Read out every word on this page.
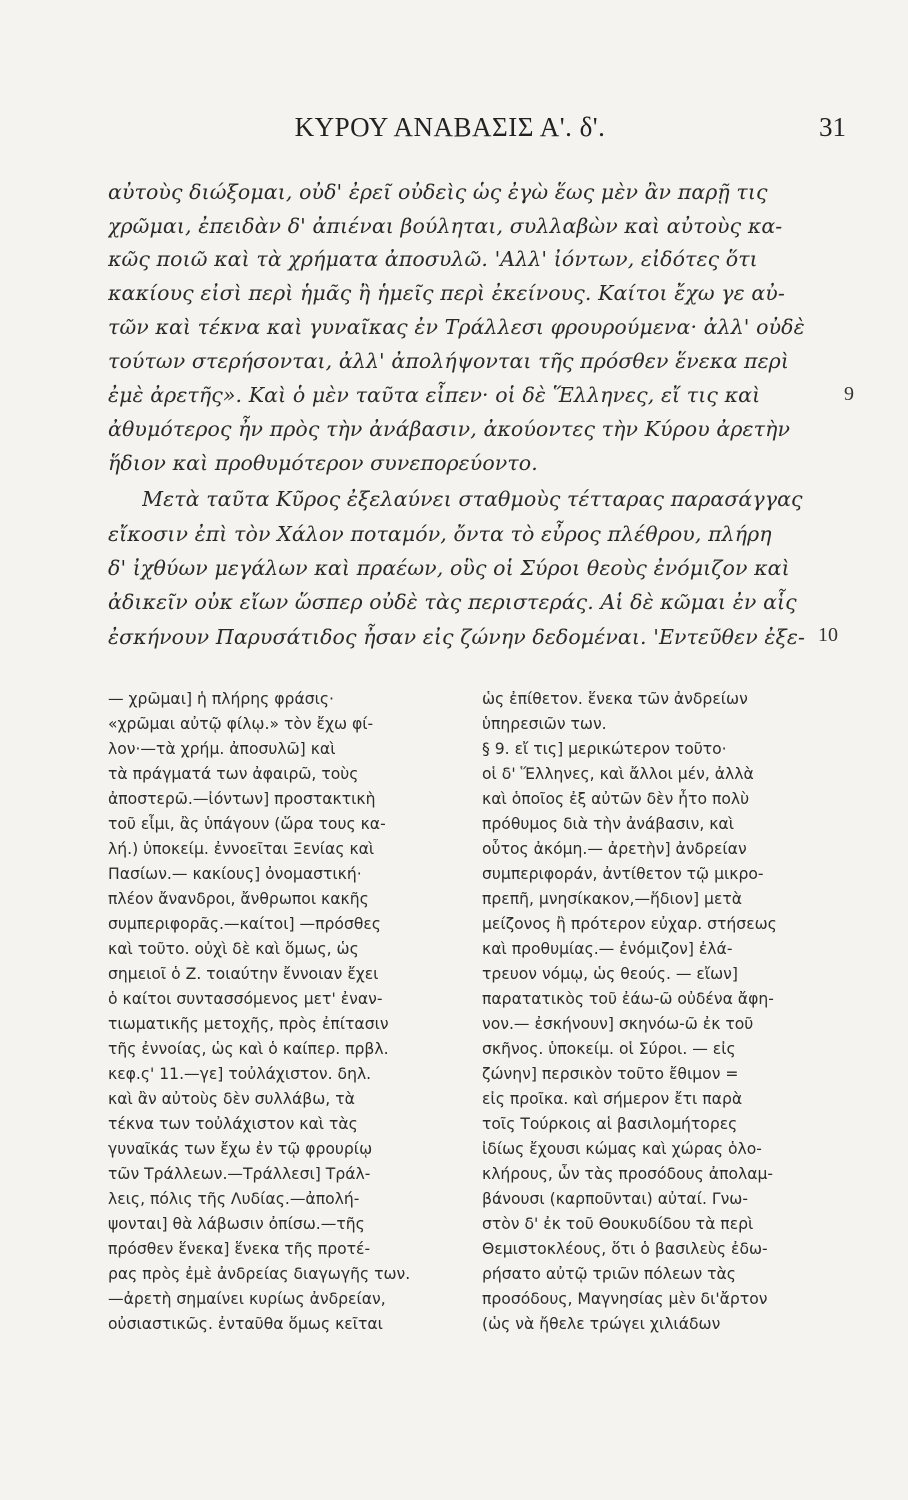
ΚΥΡΟΥ ΑΝΑΒΑΣΙΣ Α'. δ'.	31
αὐτοὺς διώξομαι, οὐδ' ἐρεῖ οὐδεὶς ὡς ἐγὼ ἕως μὲν ἂν παρῇ τις
χρῶμαι, ἐπειδὰν δ' ἀπιέναι βούληται, συλλαβὼν καὶ αὐτοὺς κα-
κῶς ποιῶ καὶ τὰ χρήματα ἀποσυλῶ. 'Αλλ' ἰόντων, εἰδότες ὅτι
κακίους εἰσὶ περὶ ἡμᾶς ἢ ἡμεῖς περὶ ἐκείνους. Καίτοι ἔχω γε αὐ-
τῶν καὶ τέκνα καὶ γυναῖκας ἐν Τράλλεσι φρουρούμενα· ἀλλ' οὐδὲ
τούτων στερήσονται, ἀλλ' ἀπολήψονται τῆς πρόσθεν ἕνεκα περὶ
ἐμὲ ἀρετῆς». Καὶ ὁ μὲν ταῦτα εἶπεν· οἱ δὲ Ἕλληνες, εἴ τις καὶ
ἀθυμότερος ἦν πρὸς τὴν ἀνάβασιν, ἀκούοντες τὴν Κύρου ἀρετὴν
ἥδιον καὶ προθυμότερον συνεπορεύοντο.
Μετὰ ταῦτα Κῦρος ἐξελαύνει σταθμοὺς τέτταρας παρασάγγας
εἴκοσιν ἐπὶ τὸν Χάλον ποταμόν, ὄντα τὸ εὖρος πλέθρου, πλήρη
δ' ἰχθύων μεγάλων καὶ πραέων, οὓς οἱ Σύροι θεοὺς ἐνόμιζον καὶ
ἀδικεῖν οὐκ εἴων ὥσπερ οὐδὲ τὰς περιστεράς. Αἱ δὲ κῶμαι ἐν αἷς
ἐσκήνουν Παρυσάτιδος ἦσαν εἰς ζώνην δεδομέναι. 'Εντεῦθεν ἐξε-
9
10
— χρῶμαι] ἡ πλήρης φράσις·
«χρῶμαι αὐτῷ φίλῳ.» τὸν ἔχω φί-
λον·—τὰ χρήμ. ἀποσυλῶ] καὶ
τὰ πράγματά των ἀφαιρῶ, τοὺς
ἀποστερῶ.—ἰόντων] προστακτικὴ
τοῦ εἶμι, ἂς ὑπάγουν (ὥρα τους κα-
λή.) ὑποκείμ. ἐννοεῖται Ξενίας καὶ
Πασίων.— κακίους] ὀνομαστική·
πλέον ἄνανδροι, ἄνθρωποι κακῆς
συμπεριφορᾶς.—καίτοι] —πρόσθες
καὶ τοῦτο. οὐχὶ δὲ καὶ ὅμως, ὡς
σημειοῖ ὁ Ζ. τοιαύτην ἔννοιαν ἔχει
ὁ καίτοι συντασσόμενος μετ' ἐναν-
τιωματικῆς μετοχῆς, πρὸς ἐπίτασιν
τῆς ἐννοίας, ὡς καὶ ὁ καίπερ. πρβλ.
κεφ.ς' 11.—γε] τοὐλάχιστον. δηλ.
καὶ ἂν αὐτοὺς δὲν συλλάβω, τὰ
τέκνα των τοὐλάχιστον καὶ τὰς
γυναῖκάς των ἔχω ἐν τῷ φρουρίῳ
τῶν Τράλλεων.—Τράλλεσι] Τράλ-
λεις, πόλις τῆς Λυδίας.—ἀπολή-
ψονται] θὰ λάβωσιν ὀπίσω.—τῆς
πρόσθεν ἕνεκα] ἕνεκα τῆς προτέ-
ρας πρὸς ἐμὲ ἀνδρείας διαγωγῆς των.
—ἀρετὴ σημαίνει κυρίως ἀνδρείαν,
οὐσιαστικῶς. ἐνταῦθα ὅμως κεῖται
ὡς ἐπίθετον. ἕνεκα τῶν ἀνδρείων
ὑπηρεσιῶν των.
§ 9. εἴ τις] μερικώτερον τοῦτο·
οἱ δ' Ἕλληνες, καὶ ἄλλοι μέν, ἀλλὰ
καὶ ὁποῖος ἐξ αὐτῶν δὲν ἦτο πολὺ
πρόθυμος διὰ τὴν ἀνάβασιν, καὶ
οὗτος ἀκόμη.— ἀρετὴν] ἀνδρείαν
συμπεριφοράν, ἀντίθετον τῷ μικρο-
πρεπῆ, μνησίκακον,—ἥδιον] μετὰ
μείζονος ἢ πρότερον εὐχαρ. στήσεως
καὶ προθυμίας.— ἐνόμιζον] ἐλά-
τρευον νόμῳ, ὡς θεούς. — εἴων]
παρατατικὸς τοῦ ἐάω-ῶ οὐδένα ἄφη-
νον.— ἐσκήνουν] σκηνόω-ῶ ἐκ τοῦ
σκῆνος. ὑποκείμ. οἱ Σύροι. — εἰς
ζώνην] περσικὸν τοῦτο ἔθιμον =
εἰς προῖκα. καὶ σήμερον ἔτι παρὰ
τοῖς Τούρκοις αἱ βασιλομήτορες
ἰδίως ἔχουσι κώμας καὶ χώρας ὁλο-
κλήρους, ὧν τὰς προσόδους ἀπολαμ-
βάνουσι (καρποῦνται) αὐταί. Γνω-
στὸν δ' ἐκ τοῦ Θουκυδίδου τὰ περὶ
Θεμιστοκλέους, ὅτι ὁ βασιλεὺς ἐδω-
ρήσατο αὐτῷ τριῶν πόλεων τὰς
προσόδους, Μαγνησίας μὲν δι'ἄρτον
(ὡς νὰ ἤθελε τρώγει χιλιάδων
